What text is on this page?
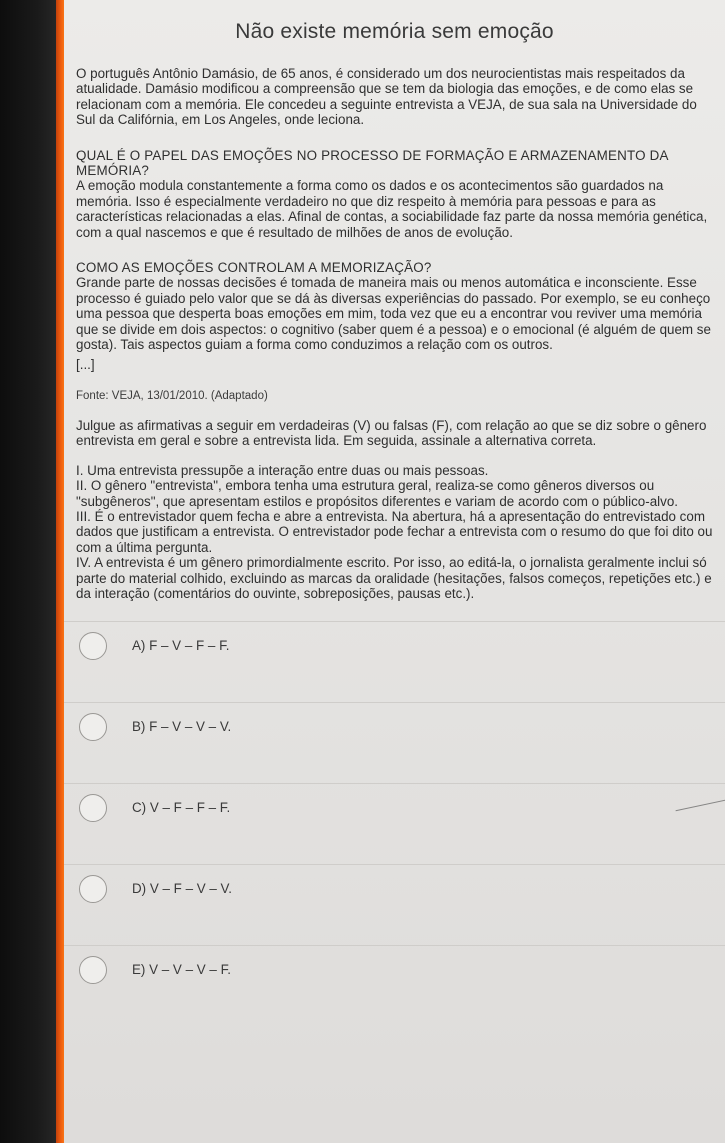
Não existe memória sem emoção

O português Antônio Damásio, de 65 anos, é considerado um dos neurocientistas mais respeitados da atualidade. Damásio modificou a compreensão que se tem da biologia das emoções, e de como elas se relacionam com a memória. Ele concedeu a seguinte entrevista a VEJA, de sua sala na Universidade do Sul da Califórnia, em Los Angeles, onde leciona.

QUAL É O PAPEL DAS EMOÇÕES NO PROCESSO DE FORMAÇÃO E ARMAZENAMENTO DA MEMÓRIA?

A emoção modula constantemente a forma como os dados e os acontecimentos são guardados na memória. Isso é especialmente verdadeiro no que diz respeito à memória para pessoas e para as características relacionadas a elas. Afinal de contas, a sociabilidade faz parte da nossa memória genética, com a qual nascemos e que é resultado de milhões de anos de evolução.

COMO AS EMOÇÕES CONTROLAM A MEMORIZAÇÃO?

Grande parte de nossas decisões é tomada de maneira mais ou menos automática e inconsciente. Esse processo é guiado pelo valor que se dá às diversas experiências do passado. Por exemplo, se eu conheço uma pessoa que desperta boas emoções em mim, toda vez que eu a encontrar vou reviver uma memória que se divide em dois aspectos: o cognitivo (saber quem é a pessoa) e o emocional (é alguém de quem se gosta). Tais aspectos guiam a forma como conduzimos a relação com os outros.

[...]

Fonte: VEJA, 13/01/2010. (Adaptado)

Julgue as afirmativas a seguir em verdadeiras (V) ou falsas (F), com relação ao que se diz sobre o gênero entrevista em geral e sobre a entrevista lida. Em seguida, assinale a alternativa correta.

I. Uma entrevista pressupõe a interação entre duas ou mais pessoas.

II. O gênero "entrevista", embora tenha uma estrutura geral, realiza-se como gêneros diversos ou "subgêneros", que apresentam estilos e propósitos diferentes e variam de acordo com o público-alvo.

III. É o entrevistador quem fecha e abre a entrevista. Na abertura, há a apresentação do entrevistado com dados que justificam a entrevista. O entrevistador pode fechar a entrevista com o resumo do que foi dito ou com a última pergunta.

IV. A entrevista é um gênero primordialmente escrito. Por isso, ao editá-la, o jornalista geralmente inclui só parte do material colhido, excluindo as marcas da oralidade (hesitações, falsos começos, repetições etc.) e da interação (comentários do ouvinte, sobreposições, pausas etc.).

A) F – V – F – F.
B) F – V – V – V.
C) V – F – F – F.
D) V – F – V – V.
E) V – V – V – F.
